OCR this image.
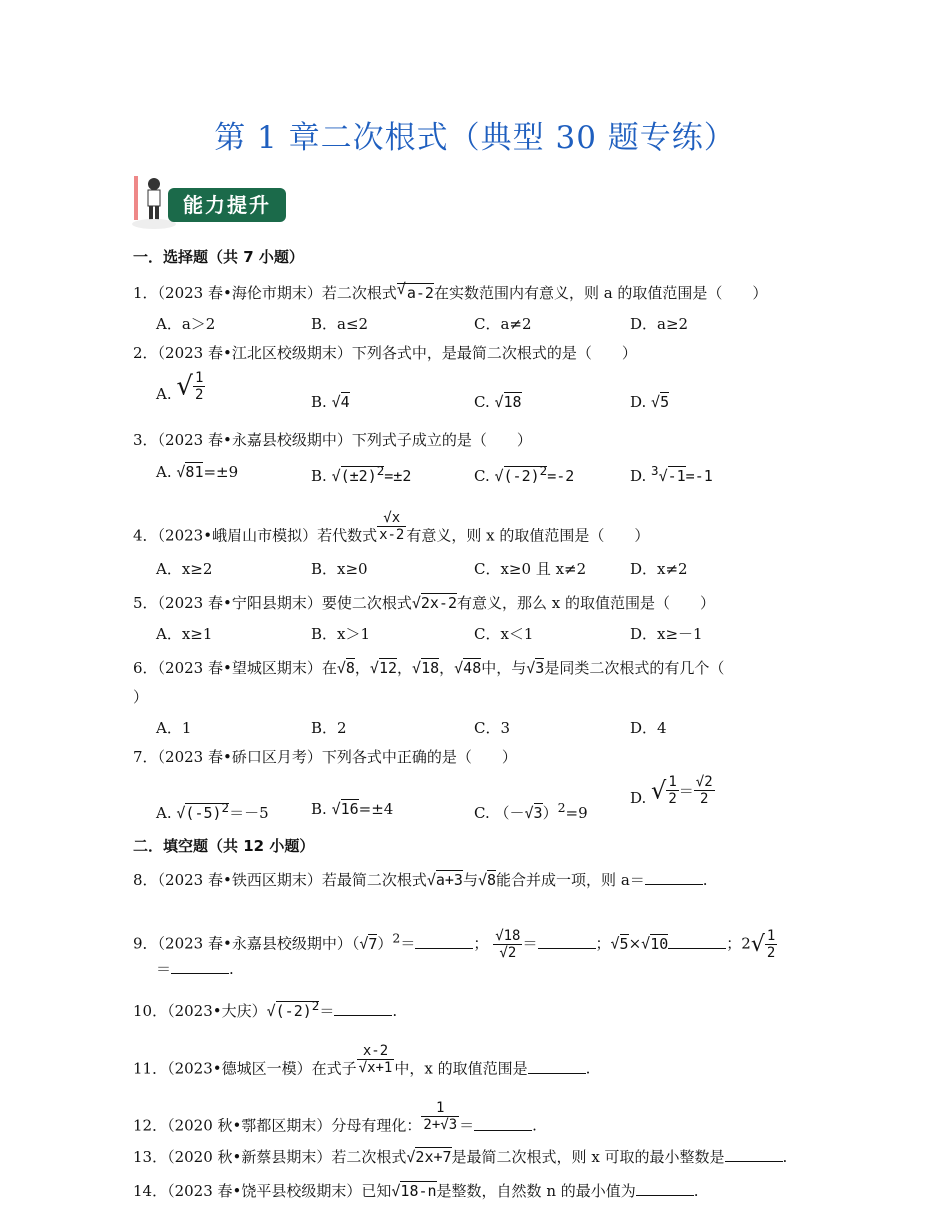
第 1 章二次根式（典型 30 题专练）
能力提升
一．选择题（共 7 小题）
1．（2023 春•海伦市期末）若二次根式 √ a-2在实数范围内有意义，则 a 的取值范围是（　　）
A．a＞2	B．a≤2	C．a≠2	D．a≥2
2．（2023 春•江北区校级期末）下列各式中，是最简二次根式的是（　　）
A. √ $\frac{1}{2}$	B. √4	C. √18	D. √5
3．（2023 春•永嘉县校级期中）下列式子成立的是（　　）
A. √81=±9	B. $√(\pm 2)^2=\pm 2$	C. $√(-2)^2=-2$	D. $^3$√-1=-1
4．（2023•峨眉山市模拟）若代数式 $\frac{√x}{x-2}$ 有意义，则 x 的取值范围是（　　）
A．x≥2	B．x≥0	C．x≥0 且 x≠2	D．x≠2
5．（2023 春•宁阳县期末）要使二次根式√2x-2有意义，那么 x 的取值范围是（　　）
A．x≥1	B．x＞1	C．x＜1	D．x≥－1
6．（2023 春•望城区期末）在√8，√12，√18，√48中，与√3是同类二次根式的有几个（
）
A．1	B．2	C．3	D．4
7．（2023 春•硚口区月考）下列各式中正确的是（　　）
A. $√(-5)^2=-5$	B. √16=±4	C. $(-√3)^2=9$
D. √ $\frac{1}{2} = \frac{√2}{2}$
二．填空题（共 12 小题）
8．（2023 春•铁西区期末）若最简二次根式√a+3与√8能合并成一项，则 a＝	.
9．（2023 春•永嘉县校级期中）$(√7)^2=$	； $\frac{√18}{√2}$ ＝	；√5×√10	；$2√ \frac{1}{2}$
＝	.
10．（2023•大庆）$√(-2)^2=$	.
11．（2023•德城区一模）在式子 $\frac{x-2}{√x+1}$ 中，x 的取值范围是	.
12．（2020 秋•鄠都区期末）分母有理化： $\frac{1}{2+√3}$ ＝	.
13．（2020 秋•新蔡县期末）若二次根式√2x+7是最简二次根式，则 x 可取的最小整数是	.
14．（2023 春•饶平县校级期末）已知√18-n是整数，自然数 n 的最小值为	.
